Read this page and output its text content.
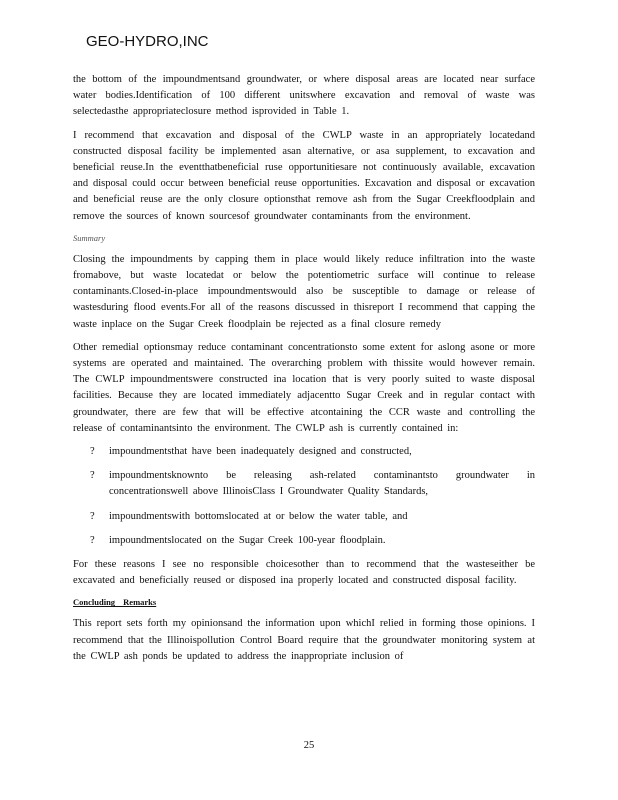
GEO-HYDRO,INC

the bottom of the impoundmentsand groundwater, or where disposal areas are located near surface water bodies.Identification of 100 different unitswhere excavation and removal of waste was selectedasthe appropriateclosure method isprovided in Table 1.

I recommend that excavation and disposal of the CWLP waste in an appropriately locatedand constructed disposal facility be implemented asan alternative, or asa supplement, to excavation and beneficial reuse.In the eventthatbeneficial ruse opportunitiesare not continuously available, excavation and disposal could occur between beneficial reuse opportunities. Excavation and disposal or excavation and beneficial reuse are the only closure optionsthat remove ash from the Sugar Creekfloodplain and remove the sources of known sourcesof groundwater contaminants from the environment.

Summary

Closing the impoundments by capping them in place would likely reduce infiltration into the waste fromabove, but waste locatedat or below the potentiometric surface will continue to release contaminants.Closed-in-place impoundmentswould also be susceptible to damage or release of wastesduring flood events.For all of the reasons discussed in thisreport I recommend that capping the waste inplace on the Sugar Creek floodplain be rejected as a final closure remedy

Other remedial optionsmay reduce contaminant concentrationsto some extent for aslong asone or more systems are operated and maintained. The overarching problem with thissite would however remain. The CWLP impoundmentswere constructed ina location that is very poorly suited to waste disposal facilities. Because they are located immediately adjacentto Sugar Creek and in regular contact with groundwater, there are few that will be effective atcontaining the CCR waste and controlling the release of contaminantsinto the environment. The CWLP ash is currently contained in:

? impoundmentsthat have been inadequately designed and constructed,
? impoundmentsknownto be releasing ash-related contaminantsto groundwater in concentrationswell above IllinoisClass I Groundwater Quality Standards,
? impoundmentswith bottomslocated at or below the water table, and
? impoundmentslocated on the Sugar Creek 100-year floodplain.

For these reasons I see no responsible choicesother than to recommend that the wasteseither be excavated and beneficially reused or disposed ina properly located and constructed disposal facility.

Concluding Remarks

This report sets forth my opinionsand the information upon whichI relied in forming those opinions. I recommend that the Illinoispollution Control Board require that the groundwater monitoring system at the CWLP ash ponds be updated to address the inappropriate inclusion of

25
